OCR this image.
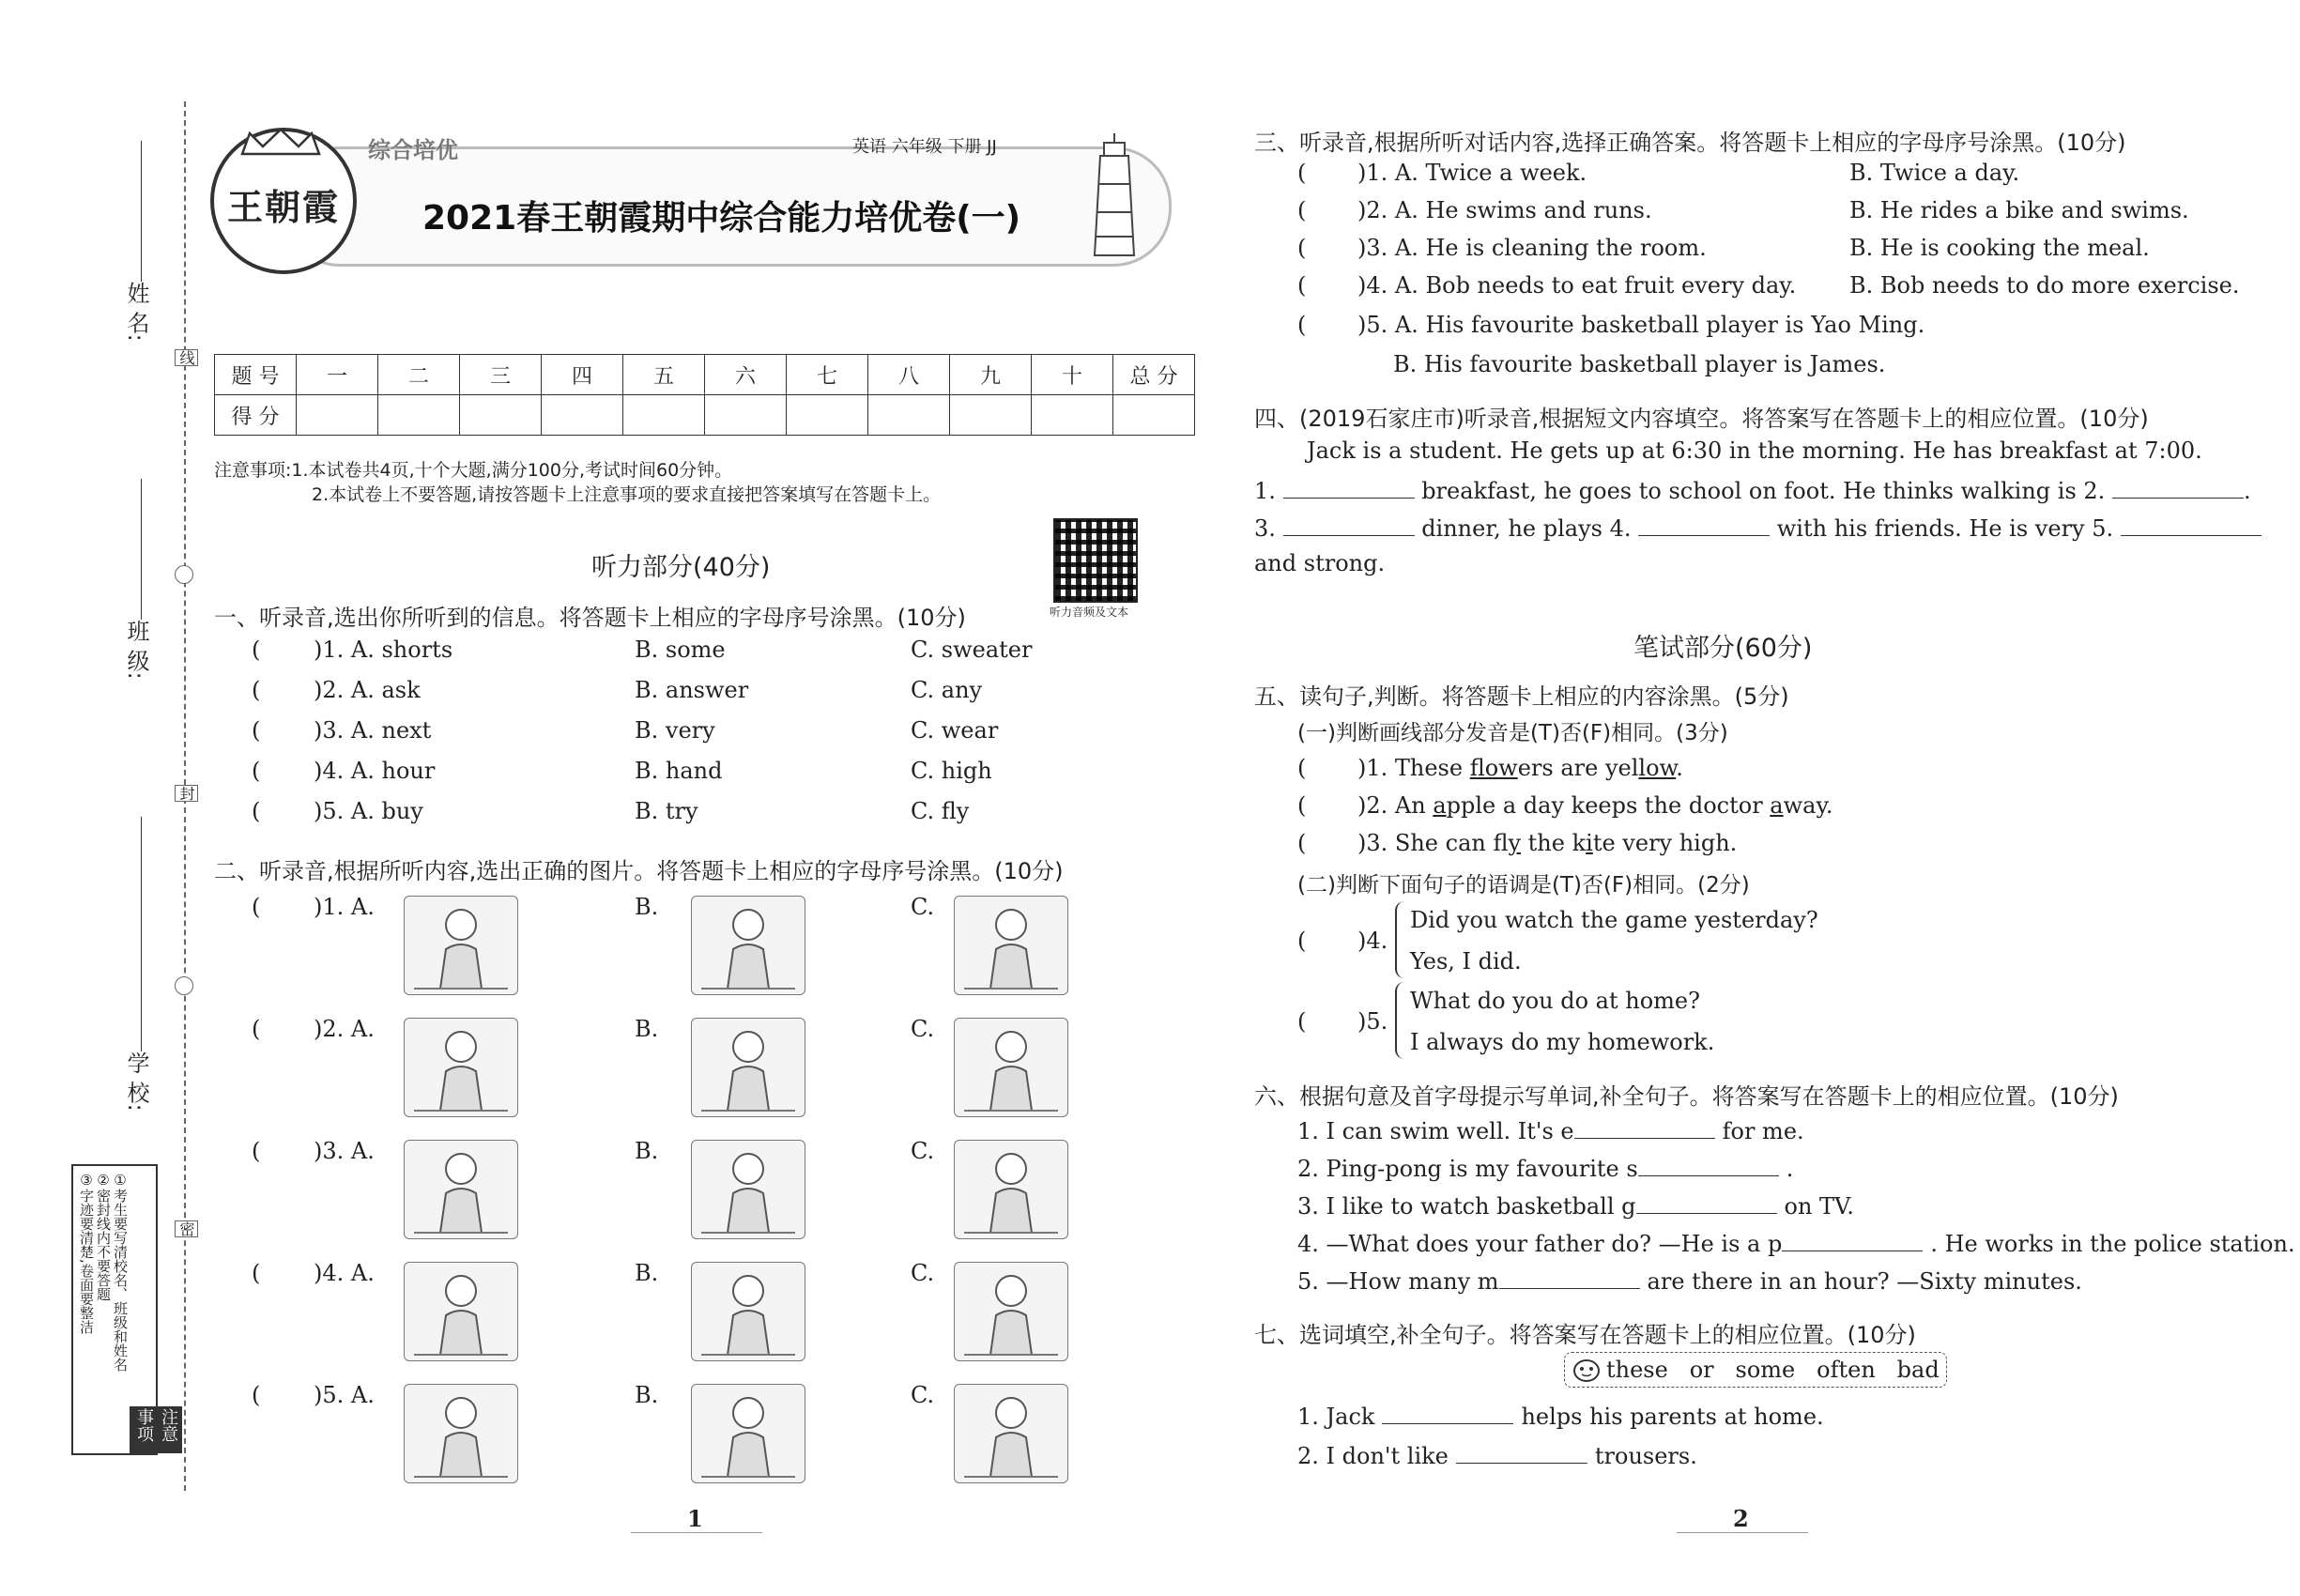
姓 名:
班 级:
学 校:
线
封
密
注意事项
①考生要写清校名、班级和姓名
②密封线内不要答题
③字迹要清楚,卷面要整洁
王朝霞
综合培优	英语 六年级 下册 JJ
2021春王朝霞期中综合能力培优卷(一)
题 号	一	二	三	四	五	六	七	八	九	十	总 分
得 分											
注意事项:1.本试卷共4页,十个大题,满分100分,考试时间60分钟。
2.本试卷上不要答题,请按答题卡上注意事项的要求直接把答案填写在答题卡上。
听力音频及文本
听力部分(40分)
一、听录音,选出你所听到的信息。将答题卡上相应的字母序号涂黑。(10分)
二、听录音,根据所听内容,选出正确的图片。将答题卡上相应的字母序号涂黑。(10分)
1
三、听录音,根据所听对话内容,选择正确答案。将答题卡上相应的字母序号涂黑。(10分)
( )5. A. His favourite basketball player is Yao Ming.
B. His favourite basketball player is James.
四、(2019石家庄市)听录音,根据短文内容填空。将答案写在答题卡上的相应位置。(10分)
Jack is a student. He gets up at 6:30 in the morning. He has breakfast at 7:00.
1.	breakfast, he goes to school on foot. He thinks walking is 2.	.
3.	dinner, he plays 4.	with his friends. He is very 5.
and strong.
笔试部分(60分)
五、读句子,判断。将答题卡上相应的内容涂黑。(5分)
(一)判断画线部分发音是(T)否(F)相同。(3分)
(二)判断下面句子的语调是(T)否(F)相同。(2分)
( )4.
Did you watch the game yesterday?
Yes, I did.
( )5.
What do you do at home?
I always do my homework.
六、根据句意及首字母提示写单词,补全句子。将答案写在答题卡上的相应位置。(10分)
七、选词填空,补全句子。将答案写在答题卡上的相应位置。(10分)
these   or   some   often   bad
2
( )1. A. shorts	B. some	C. sweater
( )2. A. ask	B. answer	C. any
( )3. A. next	B. very	C. wear
( )4. A. hour	B. hand	C. high
( )5. A. buy	B. try	C. fly
( )1. A.	B.	C.
( )2. A.	B.	C.
( )3. A.	B.	C.
( )4. A.	B.	C.
( )5. A.	B.	C.
( )1. A. Twice a week.	B. Twice a day.
( )2. A. He swims and runs.	B. He rides a bike and swims.
( )3. A. He is cleaning the room.	B. He is cooking the meal.
( )4. A. Bob needs to eat fruit every day. B. Bob needs to do more exercise.
( )1. These flowers are yellow.
( )2. An apple a day keeps the doctor away.
( )3. She can fly the kite very high.
1. I can swim well. It's e	for me.
2. Ping-pong is my favourite s	.
3. I like to watch basketball g	on TV.
4. —What does your father do? —He is a p	. He works in the police station.
5. —How many m	are there in an hour? —Sixty minutes.
1. Jack	helps his parents at home.
2. I don't like	trousers.
